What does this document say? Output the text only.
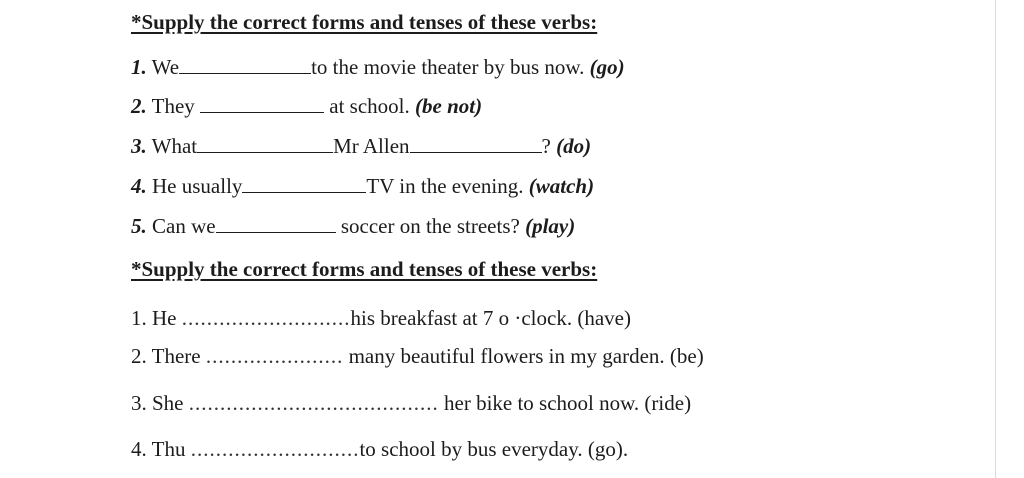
*Supply the correct forms and tenses of these verbs:
1. We	to the movie theater by bus now. (go)
2. They	at school. (be not)
3. What	Mr Allen	? (do)
4. He usually	TV in the evening. (watch)
5. Can we	soccer on the streets? (play)
*Supply the correct forms and tenses of these verbs:
1. He ...........................his breakfast at 7 o ·clock. (have)
2. There ...................... many beautiful flowers in my garden. (be)
3. She ........................................ her bike to school now. (ride)
4. Thu ...........................to school by bus everyday. (go).
